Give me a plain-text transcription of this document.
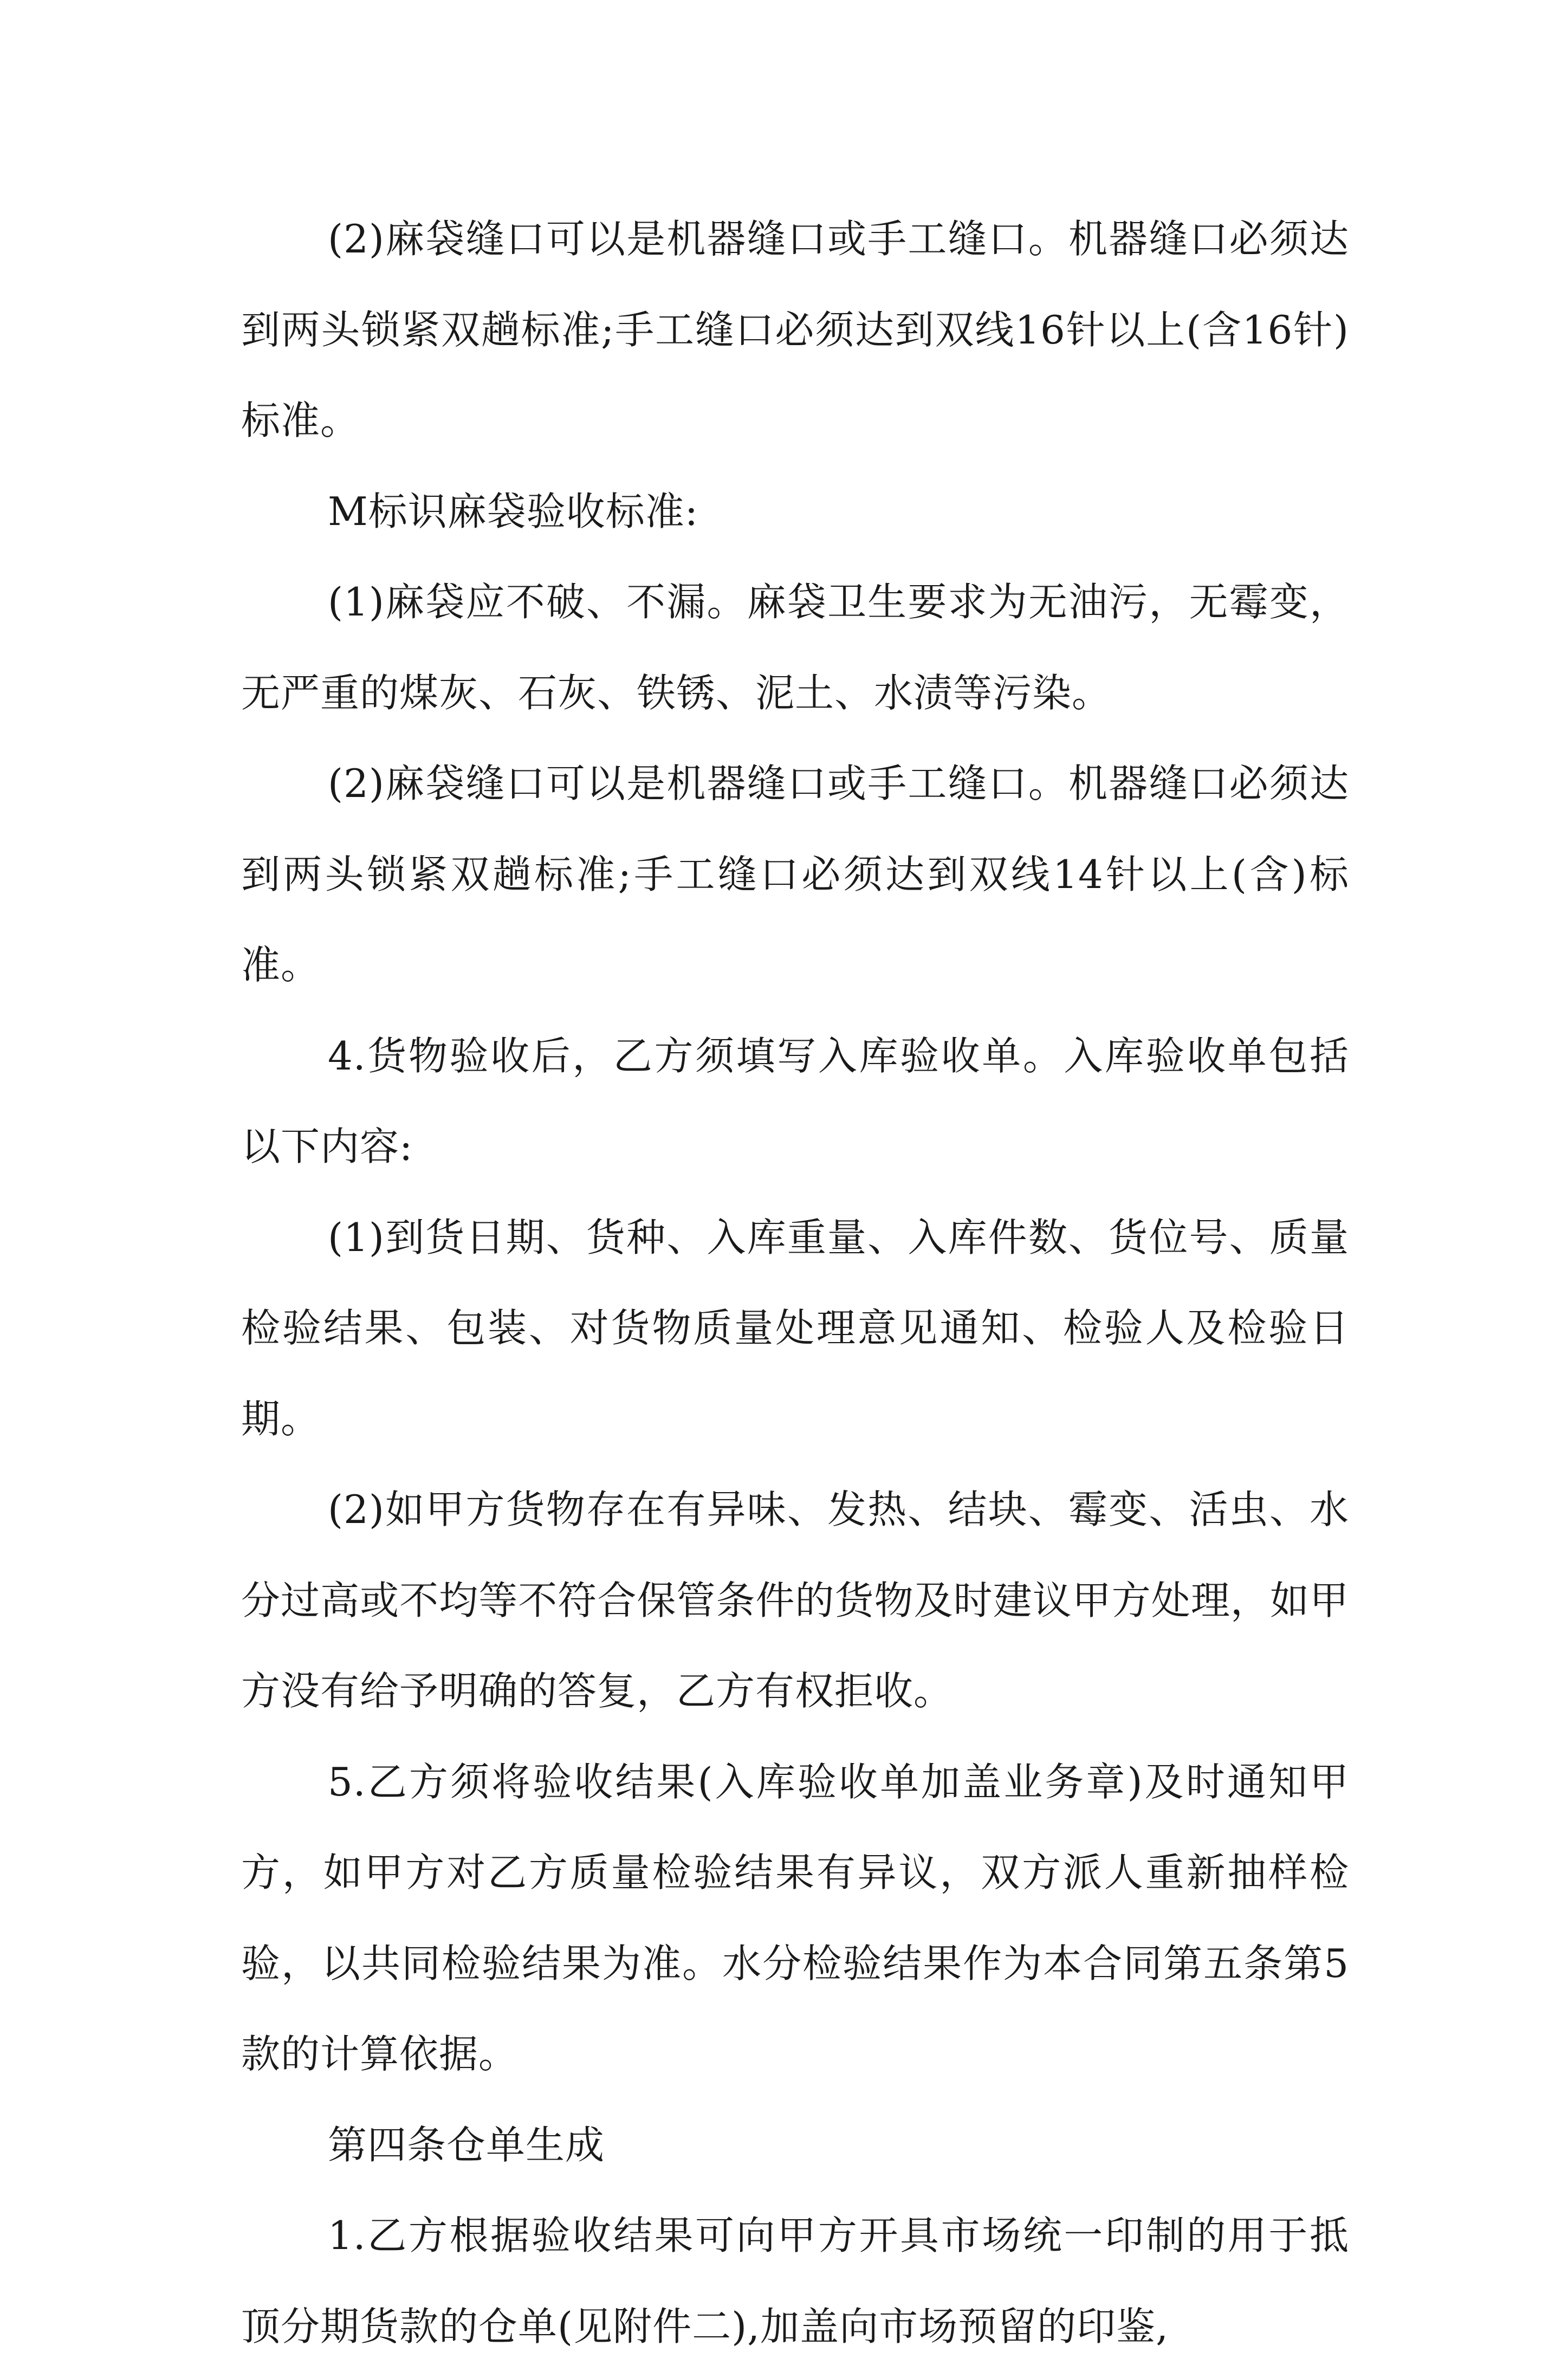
(2)麻袋缝口可以是机器缝口或手工缝口。机器缝口必须达到两头锁紧双趟标准;手工缝口必须达到双线16针以上(含16针)标准。

M标识麻袋验收标准:

(1)麻袋应不破、不漏。麻袋卫生要求为无油污，无霉变，无严重的煤灰、石灰、铁锈、泥土、水渍等污染。

(2)麻袋缝口可以是机器缝口或手工缝口。机器缝口必须达到两头锁紧双趟标准;手工缝口必须达到双线14针以上(含)标准。

4.货物验收后，乙方须填写入库验收单。入库验收单包括以下内容:

(1)到货日期、货种、入库重量、入库件数、货位号、质量检验结果、包装、对货物质量处理意见通知、检验人及检验日期。

(2)如甲方货物存在有异味、发热、结块、霉变、活虫、水分过高或不均等不符合保管条件的货物及时建议甲方处理，如甲方没有给予明确的答复，乙方有权拒收。

5.乙方须将验收结果(入库验收单加盖业务章)及时通知甲方，如甲方对乙方质量检验结果有异议，双方派人重新抽样检验，以共同检验结果为准。水分检验结果作为本合同第五条第5款的计算依据。

第四条仓单生成

1.乙方根据验收结果可向甲方开具市场统一印制的用于抵顶分期货款的仓单(见附件二),加盖向市场预留的印鉴,
